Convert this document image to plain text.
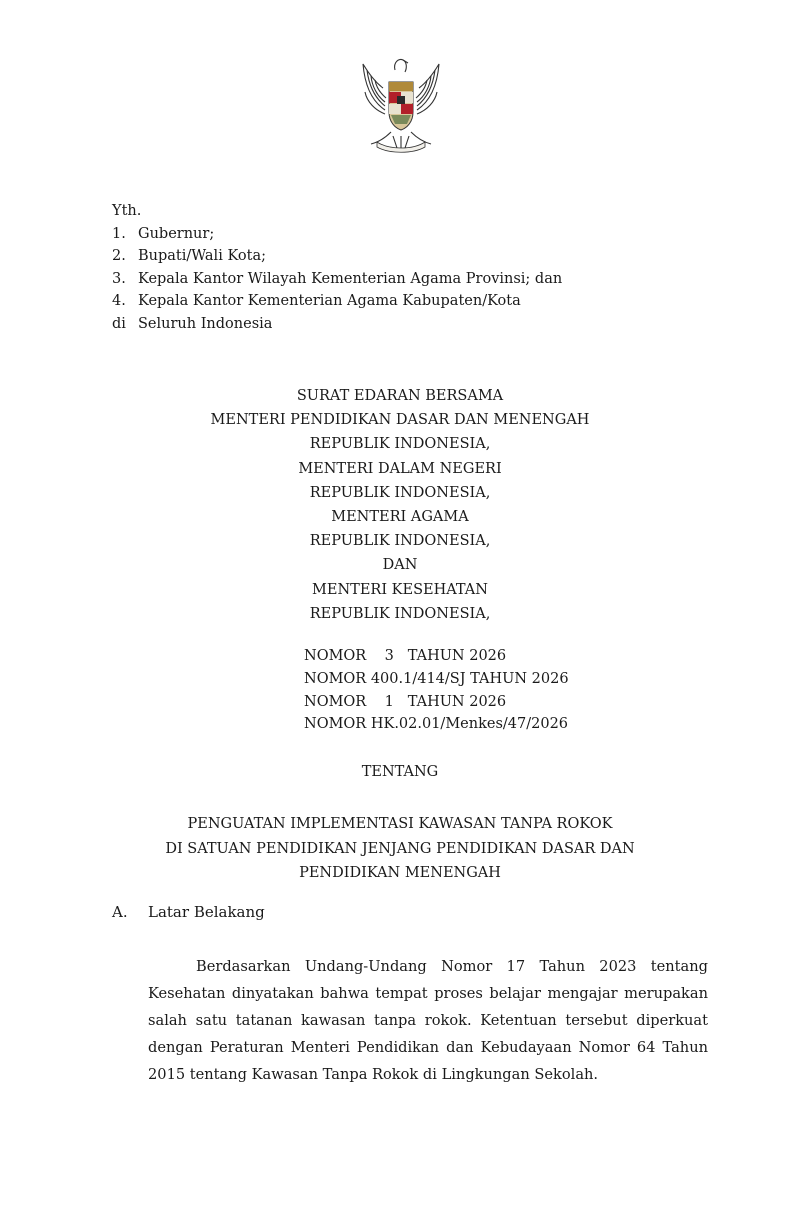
Yth.
1. Gubernur;
2. Bupati/Wali Kota;
3. Kepala Kantor Wilayah Kementerian Agama Provinsi; dan
4. Kepala Kantor Kementerian Agama Kabupaten/Kota
di Seluruh Indonesia
SURAT EDARAN BERSAMA
MENTERI PENDIDIKAN DASAR DAN MENENGAH
REPUBLIK INDONESIA,
MENTERI DALAM NEGERI
REPUBLIK INDONESIA,
MENTERI AGAMA
REPUBLIK INDONESIA,
DAN
MENTERI KESEHATAN
REPUBLIK INDONESIA,
NOMOR    3   TAHUN 2026
NOMOR 400.1/414/SJ TAHUN 2026
NOMOR    1   TAHUN 2026
NOMOR HK.02.01/Menkes/47/2026
TENTANG
PENGUATAN IMPLEMENTASI KAWASAN TANPA ROKOK
DI SATUAN PENDIDIKAN JENJANG PENDIDIKAN DASAR DAN
PENDIDIKAN MENENGAH
A.	Latar Belakang

Berdasarkan Undang-Undang Nomor 17 Tahun 2023 tentang Kesehatan dinyatakan bahwa tempat proses belajar mengajar merupakan salah satu tatanan kawasan tanpa rokok. Ketentuan tersebut diperkuat dengan Peraturan Menteri Pendidikan dan Kebudayaan Nomor 64 Tahun 2015 tentang Kawasan Tanpa Rokok di Lingkungan Sekolah.
